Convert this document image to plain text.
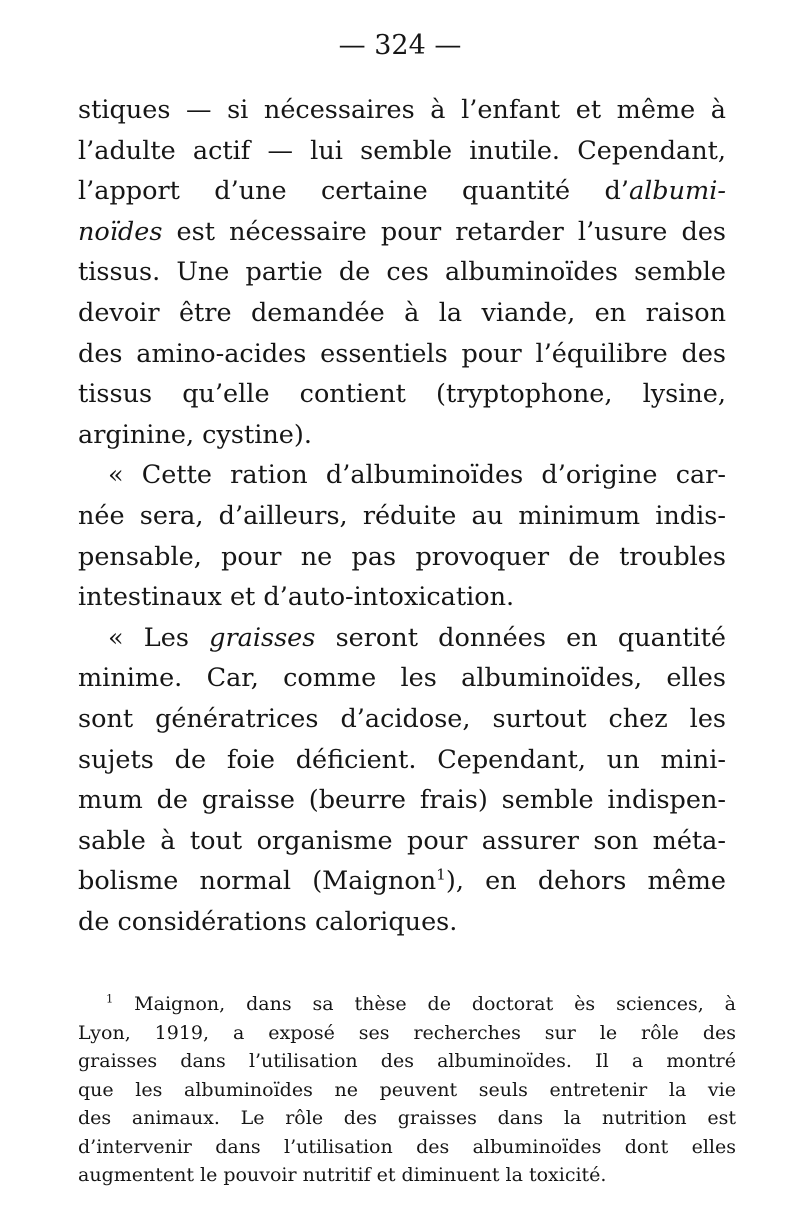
— 324 —
stiques — si nécessaires à l’enfant et même à
l’adulte actif — lui semble inutile. Cependant,
l’apport d’une certaine quantité d’albumi-
noïdes est nécessaire pour retarder l’usure des
tissus. Une partie de ces albuminoïdes semble
devoir être demandée à la viande, en raison
des amino-acides essentiels pour l’équilibre des
tissus qu’elle contient (tryptophone, lysine,
arginine, cystine).
« Cette ration d’albuminoïdes d’origine car-
née sera, d’ailleurs, réduite au minimum indis-
pensable, pour ne pas provoquer de troubles
intestinaux et d’auto-intoxication.
« Les graisses seront données en quantité
minime. Car, comme les albuminoïdes, elles
sont génératrices d’acidose, surtout chez les
sujets de foie déficient. Cependant, un mini-
mum de graisse (beurre frais) semble indispen-
sable à tout organisme pour assurer son méta-
bolisme normal (Maignon$^1$), en dehors même
de considérations caloriques.
$^1$ Maignon, dans sa thèse de doctorat ès sciences, à
Lyon, 1919, a exposé ses recherches sur le rôle des
graisses dans l’utilisation des albuminoïdes. Il a montré
que les albuminoïdes ne peuvent seuls entretenir la vie
des animaux. Le rôle des graisses dans la nutrition est
d’intervenir dans l’utilisation des albuminoïdes dont elles
augmentent le pouvoir nutritif et diminuent la toxicité.
